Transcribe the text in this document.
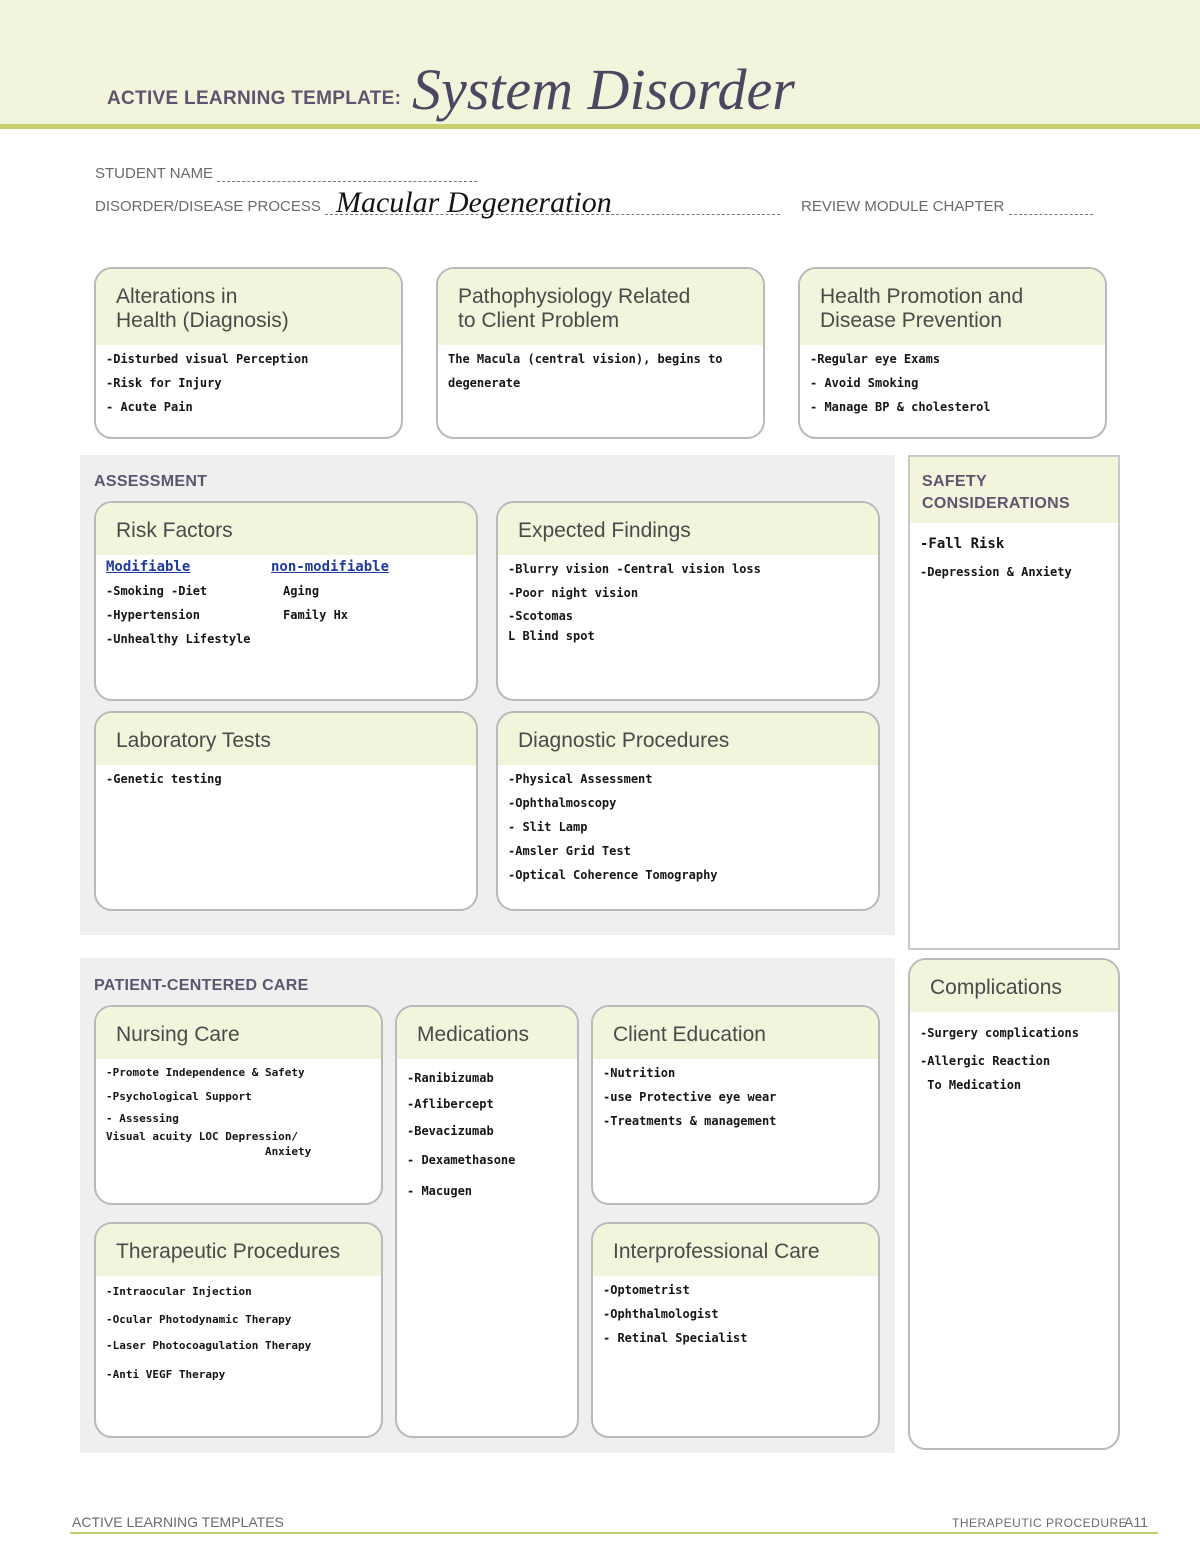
ACTIVE LEARNING TEMPLATE: System Disorder
STUDENT NAME
DISORDER/DISEASE PROCESS Macular Degeneration	REVIEW MODULE CHAPTER
Alterations in
Health (Diagnosis)
-Disturbed visual Perception
-Risk for Injury
- Acute Pain
Pathophysiology Related
to Client Problem
The Macula (central vision), begins to
degenerate
Health Promotion and
Disease Prevention
-Regular eye Exams
- Avoid Smoking
- Manage BP & cholesterol
ASSESSMENT
Risk Factors
Modifiable
-Smoking -Diet
-Hypertension
-Unhealthy Lifestyle
non-modifiable
Aging
Family Hx
Expected Findings
-Blurry vision -Central vision loss
-Poor night vision
-Scotomas
L Blind spot
Laboratory Tests
-Genetic testing
Diagnostic Procedures
-Physical Assessment
-Ophthalmoscopy
- Slit Lamp
-Amsler Grid Test
-Optical Coherence Tomography
SAFETY
CONSIDERATIONS
-Fall Risk
-Depression & Anxiety
PATIENT-CENTERED CARE
Nursing Care
-Promote Independence & Safety
-Psychological Support
- Assessing
Visual acuity LOC Depression/
Anxiety
Medications
-Ranibizumab
-Aflibercept
-Bevacizumab
- Dexamethasone
- Macugen
Client Education
-Nutrition
-use Protective eye wear
-Treatments & management
Therapeutic Procedures
-Intraocular Injection
-Ocular Photodynamic Therapy
-Laser Photocoagulation Therapy
-Anti VEGF Therapy
Interprofessional Care
-Optometrist
-Ophthalmologist
- Retinal Specialist
Complications
-Surgery complications
-Allergic Reaction
To Medication
ACTIVE LEARNING TEMPLATES	THERAPEUTIC PROCEDURE
A11
